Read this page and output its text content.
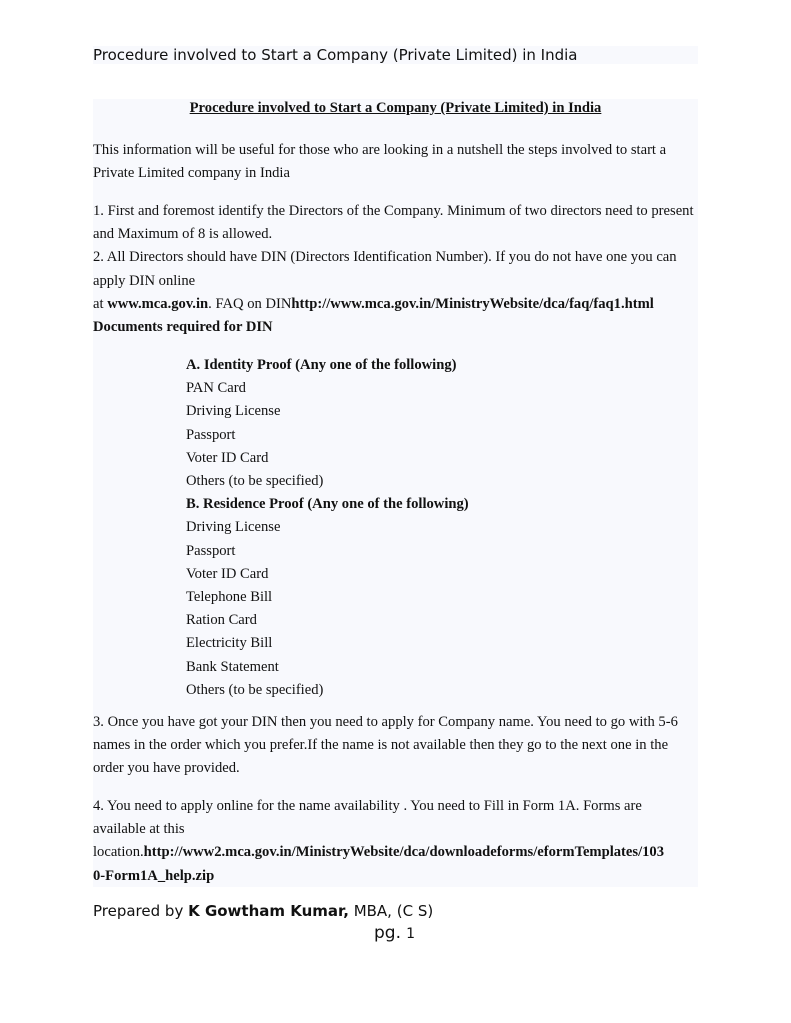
Procedure involved to Start a Company (Private Limited) in India
Procedure involved to Start a Company (Private Limited) in India
This information will be useful for those who are looking in a nutshell the steps involved to start a Private Limited company in India
1. First and foremost identify the Directors of the Company. Minimum of two directors need to present and Maximum of 8 is allowed.
2. All Directors should have DIN (Directors Identification Number). If you do not have one you can apply DIN online
at www.mca.gov.in. FAQ on DINhttp://www.mca.gov.in/MinistryWebsite/dca/faq/faq1.html
Documents required for DIN
A. Identity Proof (Any one of the following)
PAN Card
Driving License
Passport
Voter ID Card
Others (to be specified)
B. Residence Proof (Any one of the following)
Driving License
Passport
Voter ID Card
Telephone Bill
Ration Card
Electricity Bill
Bank Statement
Others (to be specified)
3. Once you have got your DIN then you need to apply for Company name. You need to go with 5-6 names in the order which you prefer.If the name is not available then they go to the next one in the order you have provided.
4. You need to apply online for the name availability . You need to Fill in Form 1A. Forms are available at this
location.http://www2.mca.gov.in/MinistryWebsite/dca/downloadeforms/eformTemplates/103
0-Form1A_help.zip
Prepared by K Gowtham Kumar, MBA, (C S)
pg. 1
